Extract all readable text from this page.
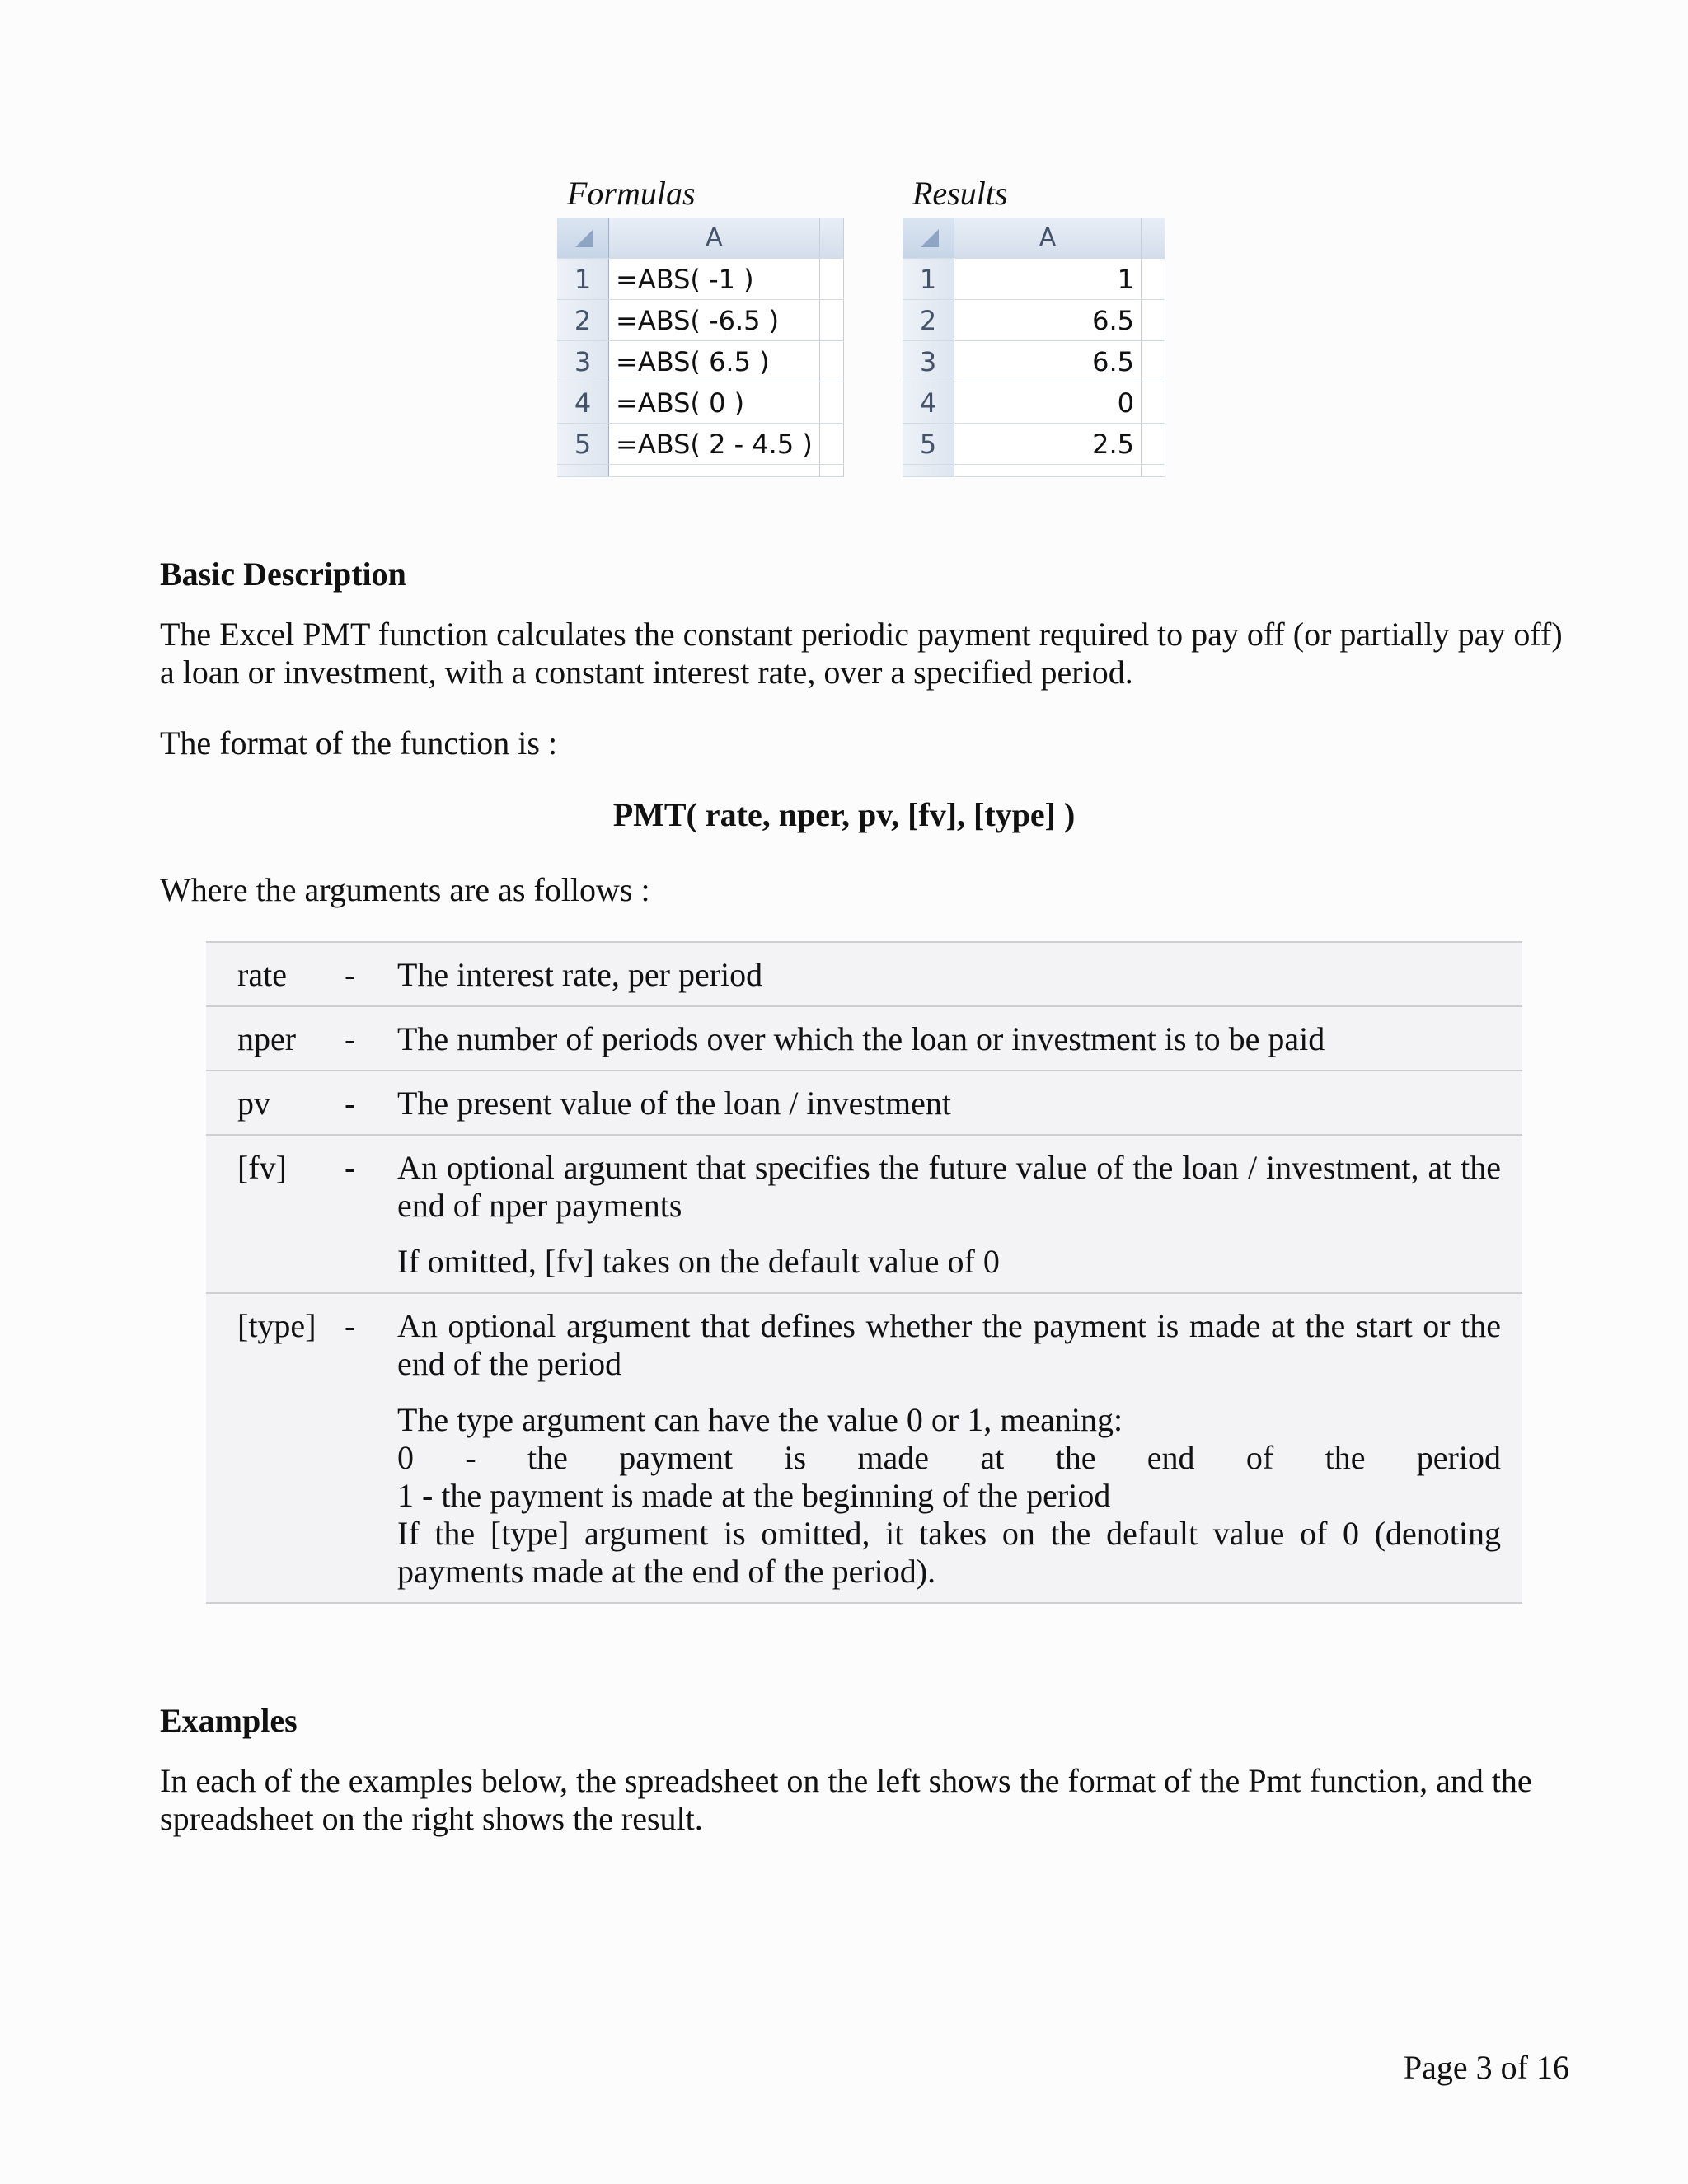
Formulas
	A	
1	=ABS( -1 )	
2	=ABS( -6.5 )	
3	=ABS( 6.5 )	
4	=ABS( 0 )	
5	=ABS( 2 - 4.5 )	

Results
	A	
1	1	
2	6.5	
3	6.5	
4	0	
5	2.5	

Basic Description

The Excel PMT function calculates the constant periodic payment required to pay off (or partially pay off) a loan or investment, with a constant interest rate, over a specified period.

The format of the function is :

PMT( rate, nper, pv, [fv], [type] )

Where the arguments are as follows :

rate	-	The interest rate, per period

nper	-	The number of periods over which the loan or investment is to be paid

pv	-	The present value of the loan / investment

[fv]	-	An optional argument that specifies the future value of the loan / investment, at the end of nper payments

If omitted, [fv] takes on the default value of 0

[type]	-	An optional argument that defines whether the payment is made at the start or the end of the period

The type argument can have the value 0 or 1, meaning:

0 - the payment is made at the end of the period

1 - the payment is made at the beginning of the period

If the [type] argument is omitted, it takes on the default value of 0 (denoting payments made at the end of the period).

Examples

In each of the examples below, the spreadsheet on the left shows the format of the Pmt function, and the spreadsheet on the right shows the result.

Page 3 of 16
